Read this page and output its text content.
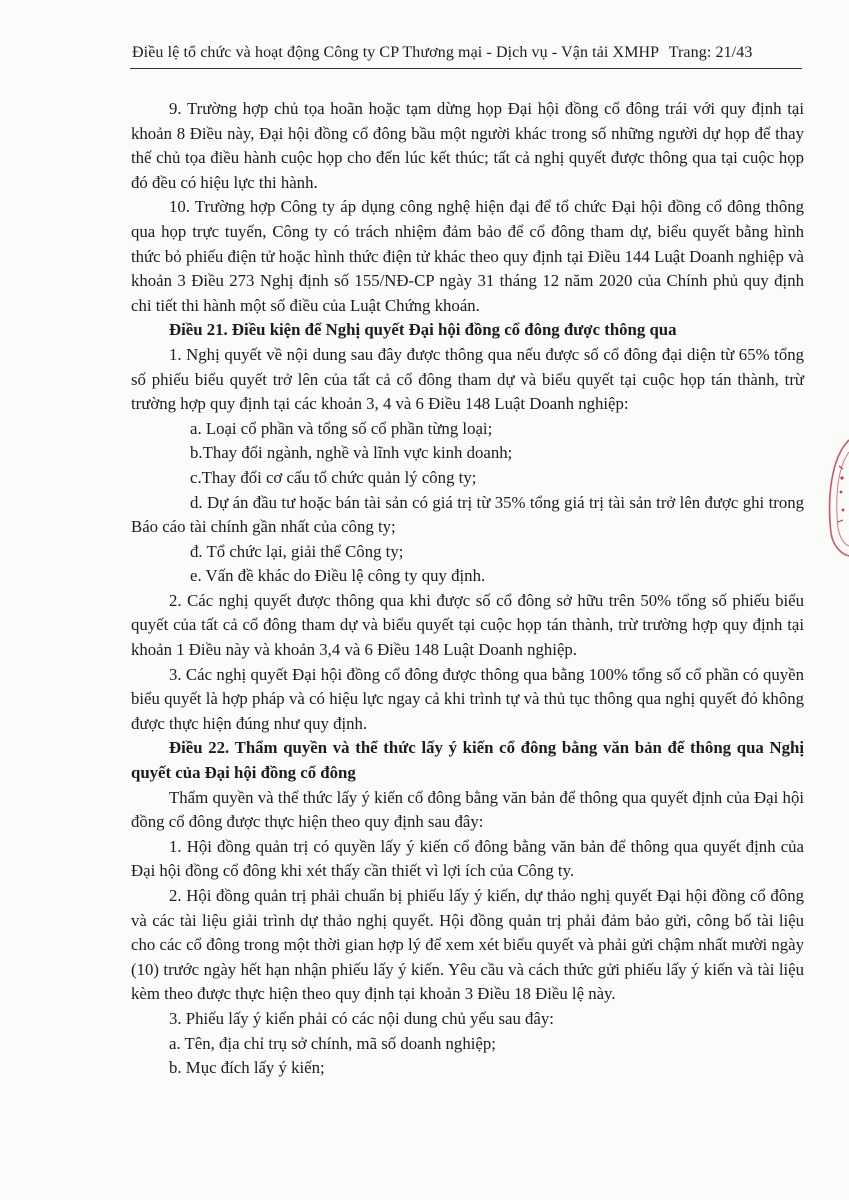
Điều lệ tổ chức và hoạt động Công ty CP Thương mại - Dịch vụ - Vận tải XMHP Trang: 21/43

9. Trường hợp chủ tọa hoãn hoặc tạm dừng họp Đại hội đồng cổ đông trái với quy định tại khoản 8 Điều này, Đại hội đồng cổ đông bầu một người khác trong số những người dự họp để thay thế chủ tọa điều hành cuộc họp cho đến lúc kết thúc; tất cả nghị quyết được thông qua tại cuộc họp đó đều có hiệu lực thi hành.

10. Trường hợp Công ty áp dụng công nghệ hiện đại để tổ chức Đại hội đồng cổ đông thông qua họp trực tuyến, Công ty có trách nhiệm đảm bảo để cổ đông tham dự, biểu quyết bằng hình thức bỏ phiếu điện tử hoặc hình thức điện tử khác theo quy định tại Điều 144 Luật Doanh nghiệp và khoản 3 Điều 273 Nghị định số 155/NĐ-CP ngày 31 tháng 12 năm 2020 của Chính phủ quy định chi tiết thi hành một số điều của Luật Chứng khoán.

Điều 21. Điều kiện để Nghị quyết Đại hội đồng cổ đông được thông qua

1. Nghị quyết về nội dung sau đây được thông qua nếu được số cổ đông đại diện từ 65% tổng số phiếu biểu quyết trở lên của tất cả cổ đông tham dự và biểu quyết tại cuộc họp tán thành, trừ trường hợp quy định tại các khoản 3, 4 và 6 Điều 148 Luật Doanh nghiệp:

a. Loại cổ phần và tổng số cổ phần từng loại;

b.Thay đổi ngành, nghề và lĩnh vực kinh doanh;

c.Thay đổi cơ cấu tổ chức quản lý công ty;

d. Dự án đầu tư hoặc bán tài sản có giá trị từ 35% tổng giá trị tài sản trở lên được ghi trong Báo cáo tài chính gần nhất của công ty;

đ. Tổ chức lại, giải thể Công ty;

e. Vấn đề khác do Điều lệ công ty quy định.

2. Các nghị quyết được thông qua khi được số cổ đông sở hữu trên 50% tổng số phiếu biểu quyết của tất cả cổ đông tham dự và biểu quyết tại cuộc họp tán thành, trừ trường hợp quy định tại khoản 1 Điều này và khoản 3,4 và 6 Điều 148 Luật Doanh nghiệp.

3. Các nghị quyết Đại hội đồng cổ đông được thông qua bằng 100% tổng số cổ phần có quyền biểu quyết là hợp pháp và có hiệu lực ngay cả khi trình tự và thủ tục thông qua nghị quyết đó không được thực hiện đúng như quy định.

Điều 22. Thẩm quyền và thể thức lấy ý kiến cổ đông bằng văn bản để thông qua Nghị quyết của Đại hội đồng cổ đông

Thẩm quyền và thể thức lấy ý kiến cổ đông bằng văn bản để thông qua quyết định của Đại hội đồng cổ đông được thực hiện theo quy định sau đây:

1. Hội đồng quản trị có quyền lấy ý kiến cổ đông bằng văn bản để thông qua quyết định của Đại hội đồng cổ đông khi xét thấy cần thiết vì lợi ích của Công ty.

2. Hội đồng quản trị phải chuẩn bị phiếu lấy ý kiến, dự thảo nghị quyết Đại hội đồng cổ đông và các tài liệu giải trình dự thảo nghị quyết. Hội đồng quản trị phải đảm bảo gửi, công bố tài liệu cho các cổ đông trong một thời gian hợp lý để xem xét biểu quyết và phải gửi chậm nhất mười ngày (10) trước ngày hết hạn nhận phiếu lấy ý kiến. Yêu cầu và cách thức gửi phiếu lấy ý kiến và tài liệu kèm theo được thực hiện theo quy định tại khoản 3 Điều 18 Điều lệ này.

3. Phiếu lấy ý kiến phải có các nội dung chủ yếu sau đây:

a. Tên, địa chỉ trụ sở chính, mã số doanh nghiệp;

b. Mục đích lấy ý kiến;
